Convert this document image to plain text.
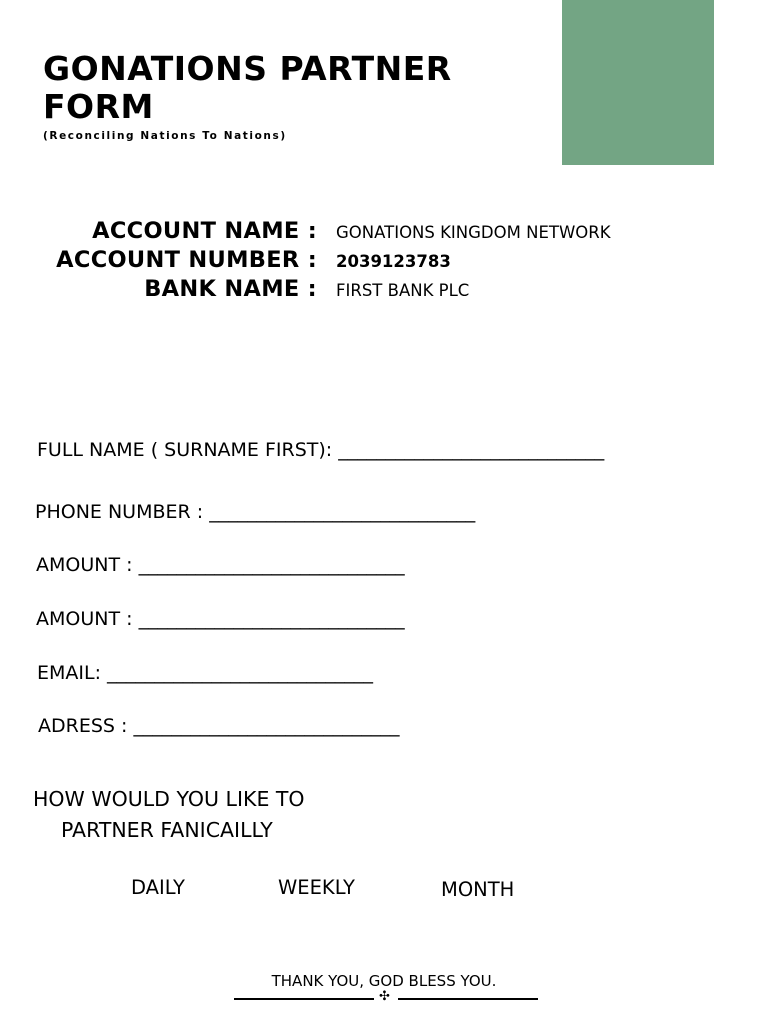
GONATIONS PARTNER
FORM
(Reconciling Nations To Nations)
ACCOUNT NAME : GONATIONS KINGDOM NETWORK
ACCOUNT NUMBER : 2039123783
BANK NAME : FIRST BANK PLC
FULL NAME ( SURNAME FIRST): ____________________________
PHONE NUMBER : ____________________________
AMOUNT : ____________________________
AMOUNT : ____________________________
EMAIL: ____________________________
ADRESS : ____________________________
HOW WOULD YOU LIKE TO
PARTNER FANICAILLY
DAILY	WEEKLY	MONTH
THANK YOU, GOD BLESS YOU.
✣
